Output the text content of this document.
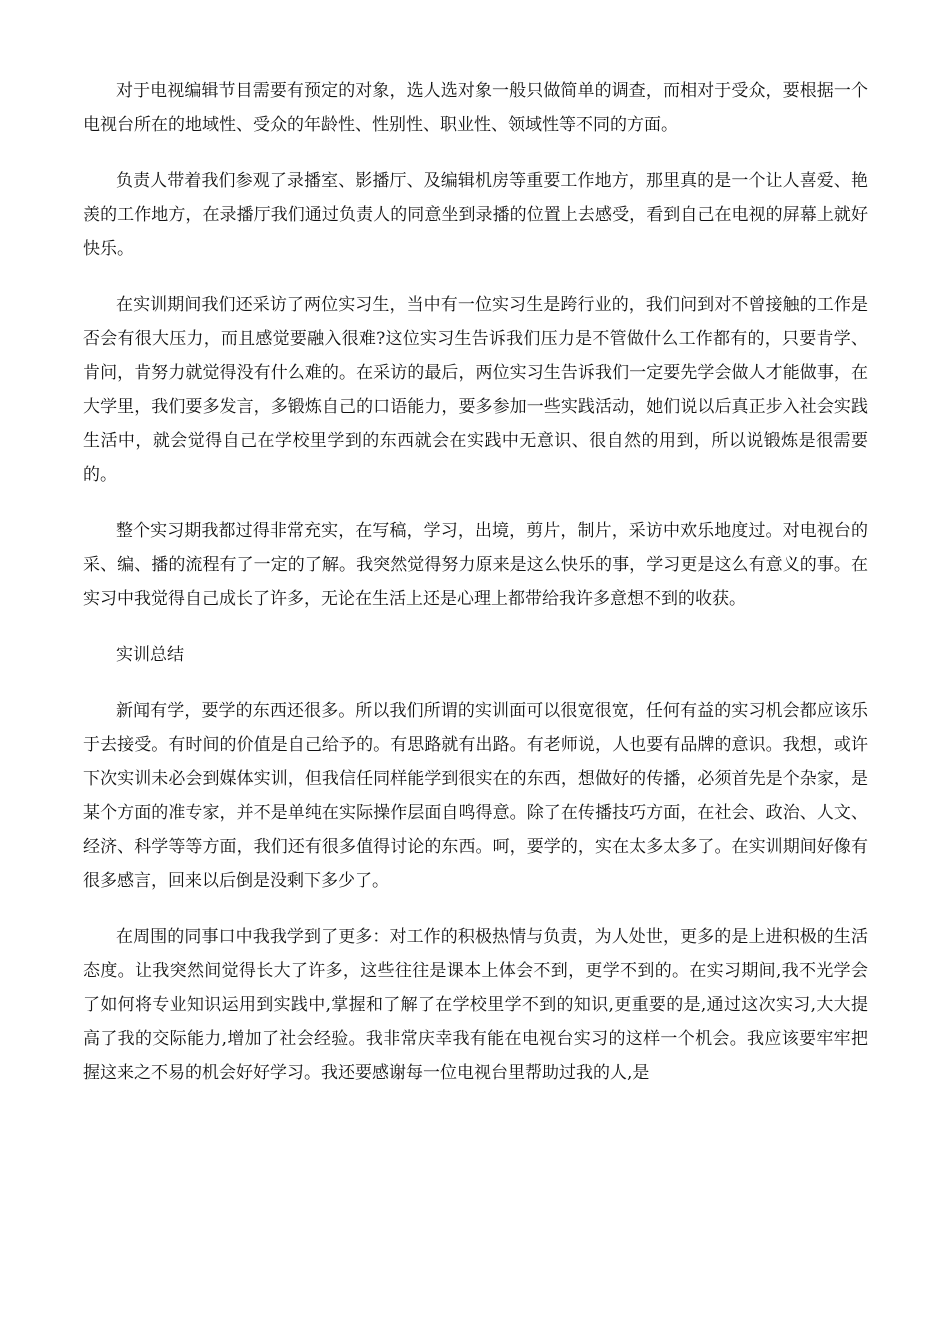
对于电视编辑节目需要有预定的对象，选人选对象一般只做简单的调查，而相对于受众，要根据一个电视台所在的地域性、受众的年龄性、性别性、职业性、领域性等不同的方面。

负责人带着我们参观了录播室、影播厅、及编辑机房等重要工作地方，那里真的是一个让人喜爱、艳羡的工作地方，在录播厅我们通过负责人的同意坐到录播的位置上去感受，看到自己在电视的屏幕上就好快乐。

在实训期间我们还采访了两位实习生，当中有一位实习生是跨行业的，我们问到对不曾接触的工作是否会有很大压力，而且感觉要融入很难?这位实习生告诉我们压力是不管做什么工作都有的，只要肯学、肯问，肯努力就觉得没有什么难的。在采访的最后，两位实习生告诉我们一定要先学会做人才能做事，在大学里，我们要多发言，多锻炼自己的口语能力，要多参加一些实践活动，她们说以后真正步入社会实践生活中，就会觉得自己在学校里学到的东西就会在实践中无意识、很自然的用到，所以说锻炼是很需要的。

整个实习期我都过得非常充实，在写稿，学习，出境，剪片，制片，采访中欢乐地度过。对电视台的采、编、播的流程有了一定的了解。我突然觉得努力原来是这么快乐的事，学习更是这么有意义的事。在实习中我觉得自己成长了许多，无论在生活上还是心理上都带给我许多意想不到的收获。

实训总结

新闻有学，要学的东西还很多。所以我们所谓的实训面可以很宽很宽，任何有益的实习机会都应该乐于去接受。有时间的价值是自己给予的。有思路就有出路。有老师说，人也要有品牌的意识。我想，或许下次实训未必会到媒体实训，但我信任同样能学到很实在的东西，想做好的传播，必须首先是个杂家，是某个方面的准专家，并不是单纯在实际操作层面自鸣得意。除了在传播技巧方面，在社会、政治、人文、经济、科学等等方面，我们还有很多值得讨论的东西。呵，要学的，实在太多太多了。在实训期间好像有很多感言，回来以后倒是没剩下多少了。

在周围的同事口中我我学到了更多：对工作的积极热情与负责，为人处世，更多的是上进积极的生活态度。让我突然间觉得长大了许多，这些往往是课本上体会不到，更学不到的。在实习期间,我不光学会了如何将专业知识运用到实践中,掌握和了解了在学校里学不到的知识,更重要的是,通过这次实习,大大提高了我的交际能力,增加了社会经验。我非常庆幸我有能在电视台实习的这样一个机会。我应该要牢牢把握这来之不易的机会好好学习。我还要感谢每一位电视台里帮助过我的人,是
